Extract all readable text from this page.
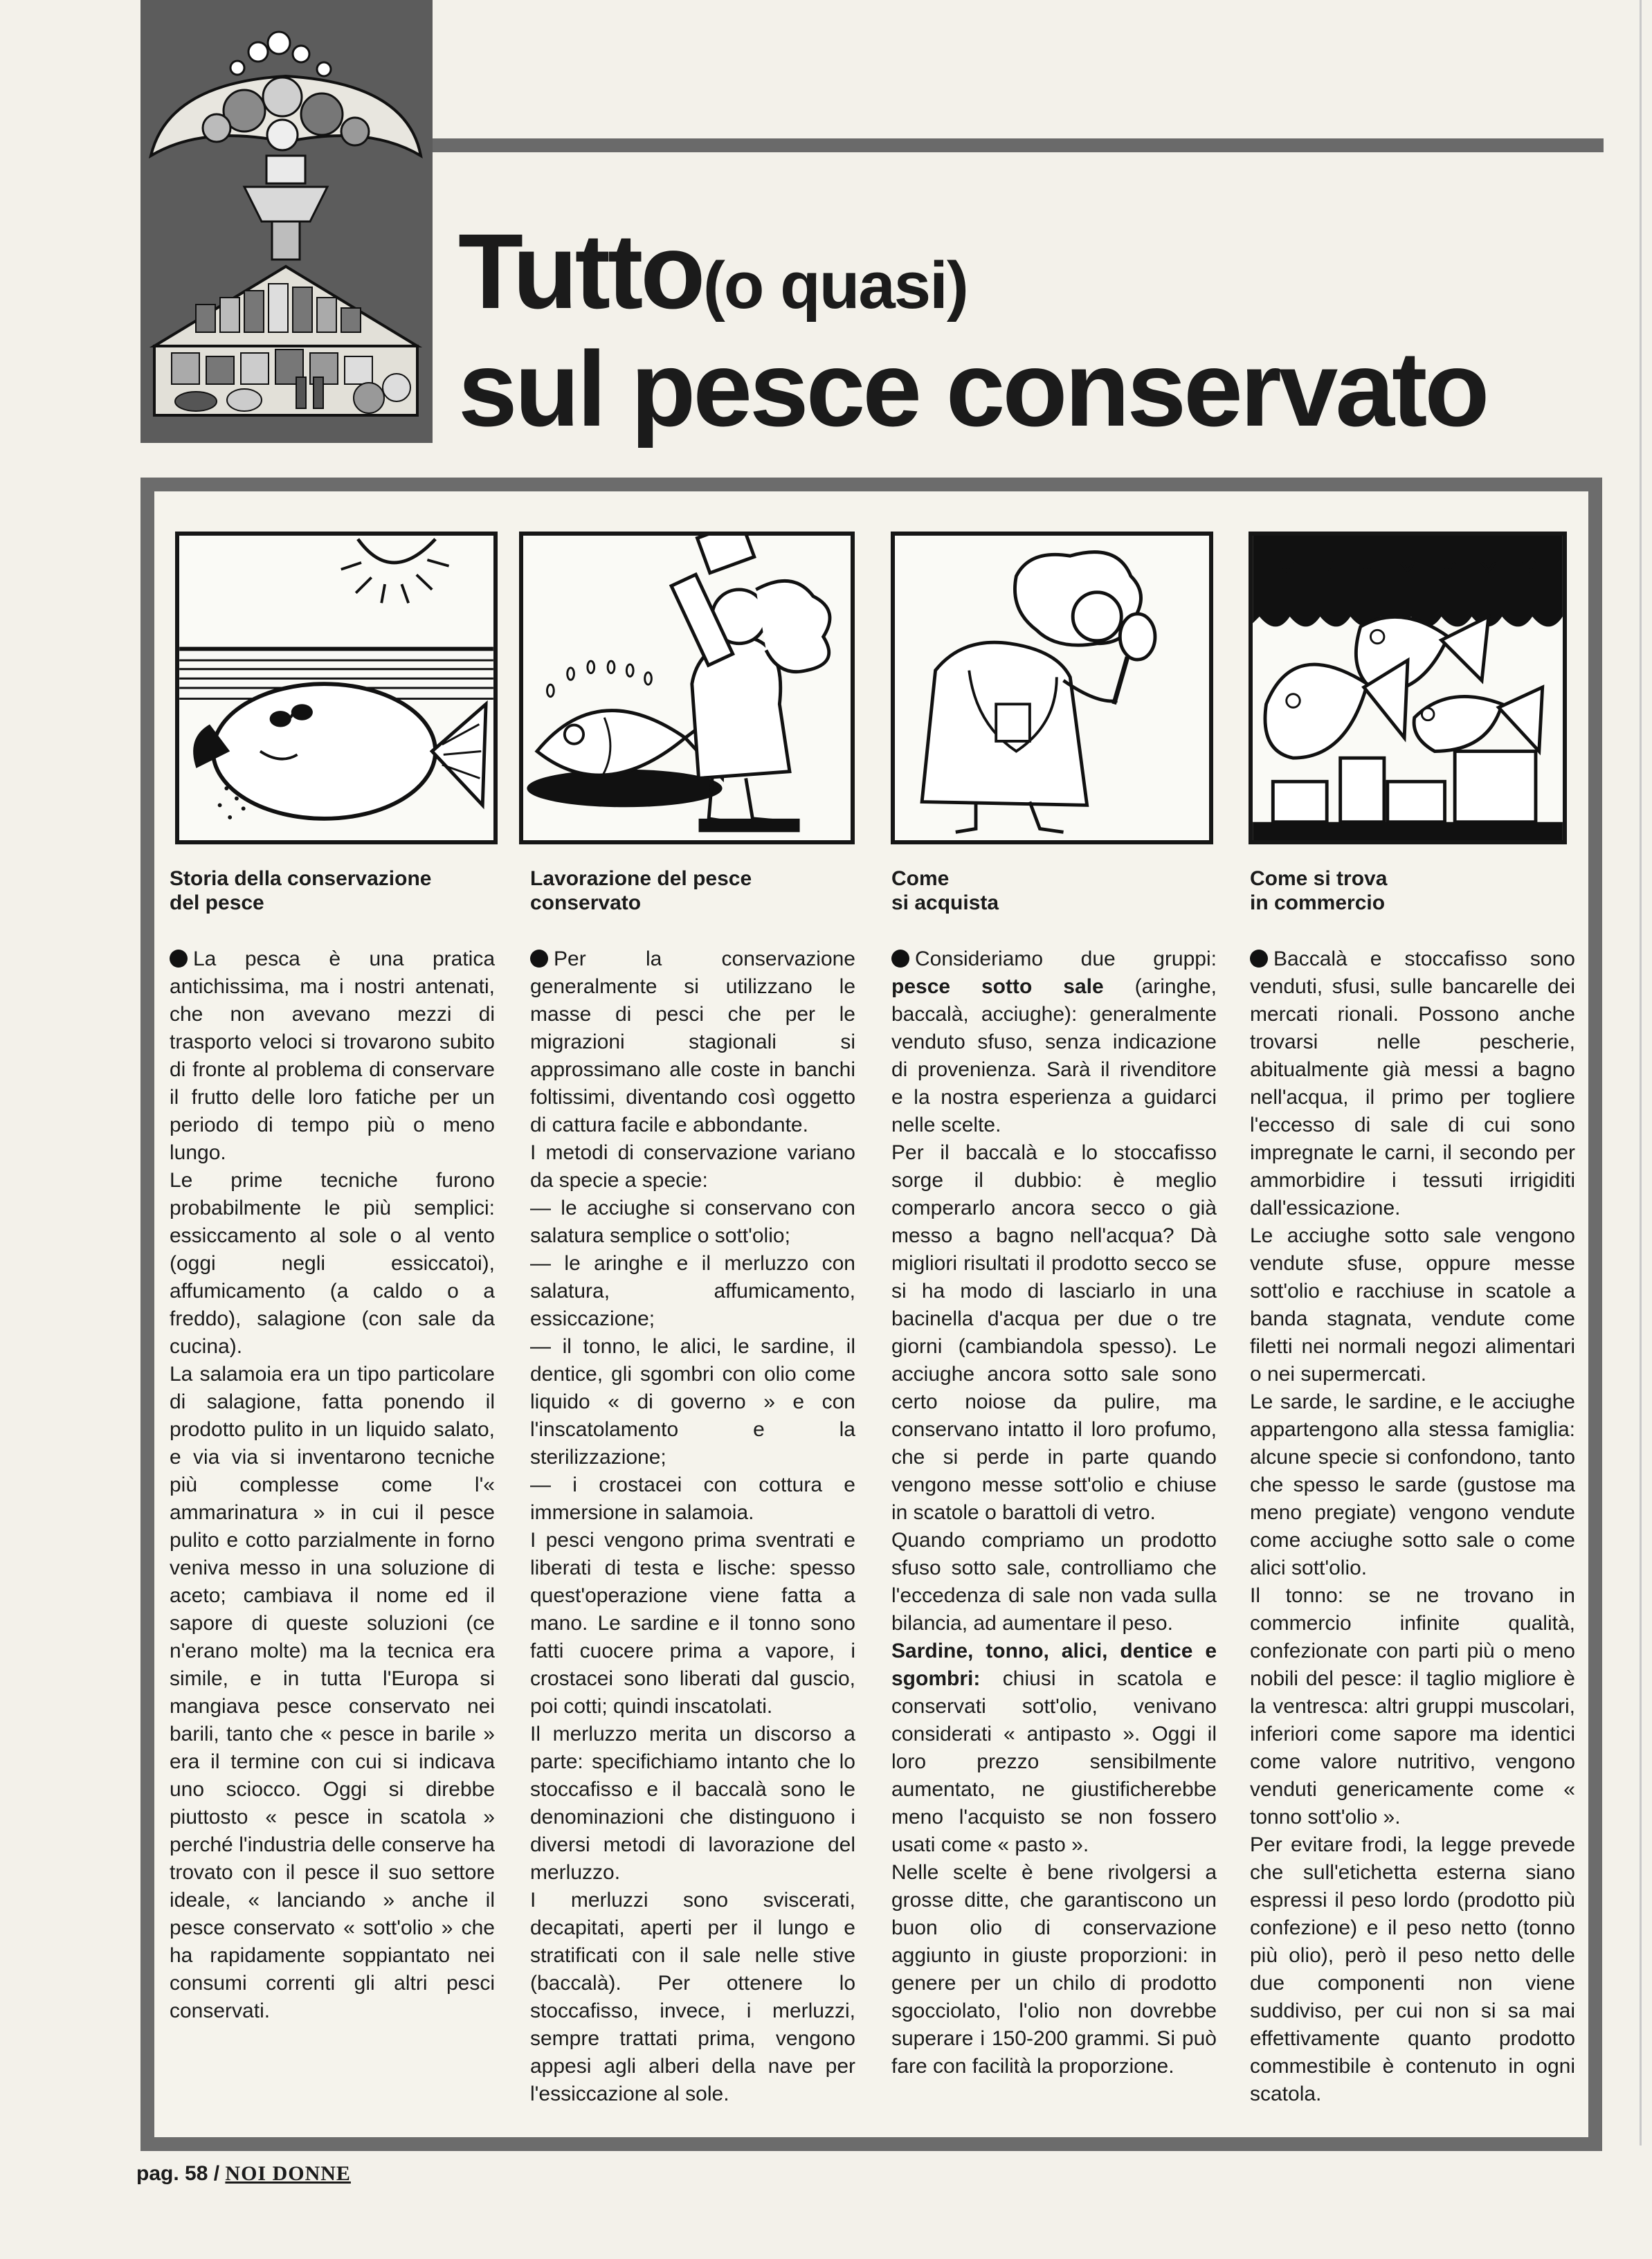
Tutto (o quasi)
sul pesce conservato
Storia della conservazione
del pesce

La pesca è una pratica antichissima, ma i nostri antenati, che non avevano mezzi di trasporto veloci si trovarono subito di fronte al problema di conservare il frutto delle loro fatiche per un periodo di tempo più o meno lungo.

Le prime tecniche furono probabilmente le più semplici: essiccamento al sole o al vento (oggi negli essiccatoi), affumicamento (a caldo o a freddo), salagione (con sale da cucina).

La salamoia era un tipo particolare di salagione, fatta ponendo il prodotto pulito in un liquido salato, e via via si inventarono tecniche più complesse come l'« ammarinatura » in cui il pesce pulito e cotto parzialmente in forno veniva messo in una soluzione di aceto; cambiava il nome ed il sapore di queste soluzioni (ce n'erano molte) ma la tecnica era simile, e in tutta l'Europa si mangiava pesce conservato nei barili, tanto che « pesce in barile » era il termine con cui si indicava uno sciocco. Oggi si direbbe piuttosto « pesce in scatola » perché l'industria delle conserve ha trovato con il pesce il suo settore ideale, « lanciando » anche il pesce conservato « sott'olio » che ha rapidamente soppiantato nei consumi correnti gli altri pesci conservati.

Lavorazione del pesce
conservato

Per la conservazione generalmente si utilizzano le masse di pesci che per le migrazioni stagionali si approssimano alle coste in banchi foltissimi, diventando così oggetto di cattura facile e abbondante.

I metodi di conservazione variano da specie a specie:

— le acciughe si conservano con salatura semplice o sott'olio;

— le aringhe e il merluzzo con salatura, affumicamento, essiccazione;

— il tonno, le alici, le sardine, il dentice, gli sgombri con olio come liquido « di governo » e con l'inscatolamento e la sterilizzazione;

— i crostacei con cottura e immersione in salamoia.

I pesci vengono prima sventrati e liberati di testa e lische: spesso quest'operazione viene fatta a mano. Le sardine e il tonno sono fatti cuocere prima a vapore, i crostacei sono liberati dal guscio, poi cotti; quindi inscatolati.

Il merluzzo merita un discorso a parte: specifichiamo intanto che lo stoccafisso e il baccalà sono le denominazioni che distinguono i diversi metodi di lavorazione del merluzzo.

I merluzzi sono sviscerati, decapitati, aperti per il lungo e stratificati con il sale nelle stive (baccalà). Per ottenere lo stoccafisso, invece, i merluzzi, sempre trattati prima, vengono appesi agli alberi della nave per l'essiccazione al sole.

Come
si acquista

Consideriamo due gruppi: pesce sotto sale (aringhe, baccalà, acciughe): generalmente venduto sfuso, senza indicazione di provenienza. Sarà il rivenditore e la nostra esperienza a guidarci nelle scelte.

Per il baccalà e lo stoccafisso sorge il dubbio: è meglio comperarlo ancora secco o già messo a bagno nell'acqua? Dà migliori risultati il prodotto secco se si ha modo di lasciarlo in una bacinella d'acqua per due o tre giorni (cambiandola spesso). Le acciughe ancora sotto sale sono certo noiose da pulire, ma conservano intatto il loro profumo, che si perde in parte quando vengono messe sott'olio e chiuse in scatole o barattoli di vetro.

Quando compriamo un prodotto sfuso sotto sale, controlliamo che l'eccedenza di sale non vada sulla bilancia, ad aumentare il peso.

Sardine, tonno, alici, dentice e sgombri: chiusi in scatola e conservati sott'olio, venivano considerati « antipasto ». Oggi il loro prezzo sensibilmente aumentato, ne giustificherebbe meno l'acquisto se non fossero usati come « pasto ».

Nelle scelte è bene rivolgersi a grosse ditte, che garantiscono un buon olio di conservazione aggiunto in giuste proporzioni: in genere per un chilo di prodotto sgocciolato, l'olio non dovrebbe superare i 150-200 grammi. Si può fare con facilità la proporzione.

Come si trova
in commercio

Baccalà e stoccafisso sono venduti, sfusi, sulle bancarelle dei mercati rionali. Possono anche trovarsi nelle pescherie, abitualmente già messi a bagno nell'acqua, il primo per togliere l'eccesso di sale di cui sono impregnate le carni, il secondo per ammorbidire i tessuti irrigiditi dall'essicazione.

Le acciughe sotto sale vengono vendute sfuse, oppure messe sott'olio e racchiuse in scatole a banda stagnata, vendute come filetti nei normali negozi alimentari o nei supermercati.

Le sarde, le sardine, e le acciughe appartengono alla stessa famiglia: alcune specie si confondono, tanto che spesso le sarde (gustose ma meno pregiate) vengono vendute come acciughe sotto sale o come alici sott'olio.

Il tonno: se ne trovano in commercio infinite qualità, confezionate con parti più o meno nobili del pesce: il taglio migliore è la ventresca: altri gruppi muscolari, inferiori come sapore ma identici come valore nutritivo, vengono venduti genericamente come « tonno sott'olio ».

Per evitare frodi, la legge prevede che sull'etichetta esterna siano espressi il peso lordo (prodotto più confezione) e il peso netto (tonno più olio), però il peso netto delle due componenti non viene suddiviso, per cui non si sa mai effettivamente quanto prodotto commestibile è contenuto in ogni scatola.

pag. 58 / NOI DONNE
